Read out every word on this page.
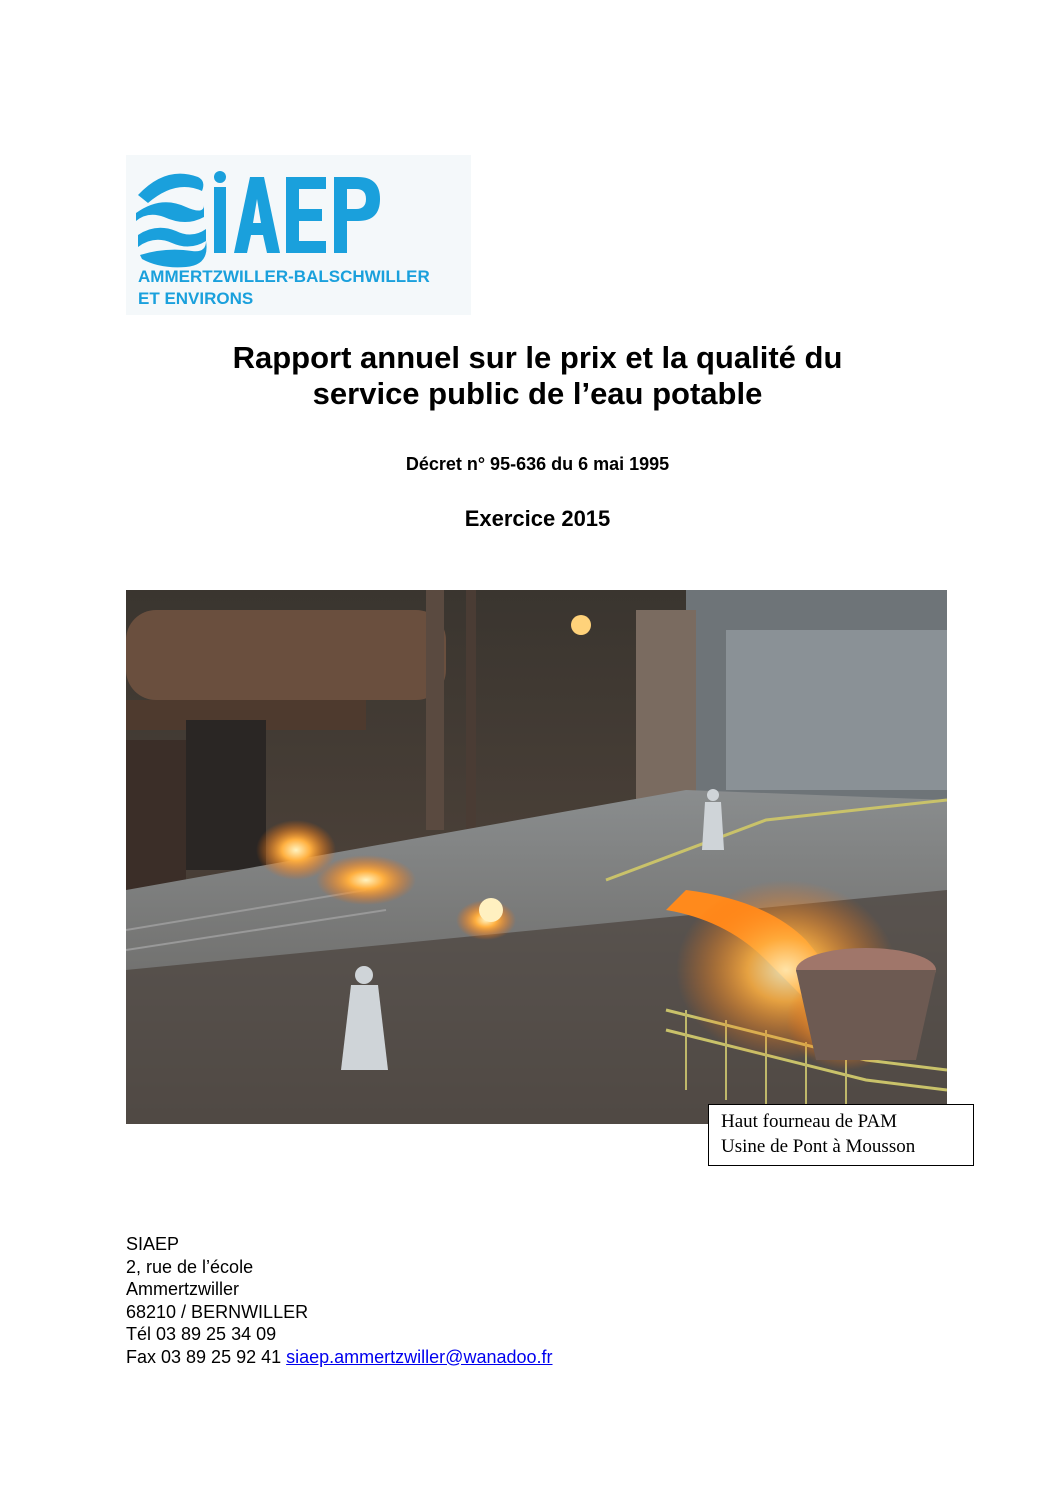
AMMERTZWILLER-BALSCHWILLER
ET ENVIRONS
Rapport annuel sur le prix et la qualité du
service public de l’eau potable
Décret n° 95-636 du 6 mai 1995
Exercice 2015
Haut fourneau de PAM
Usine de Pont à Mousson
SIAEP
2, rue de l’école
Ammertzwiller
68210 / BERNWILLER
Tél 03 89 25 34 09
Fax 03 89 25 92 41 siaep.ammertzwiller@wanadoo.fr
